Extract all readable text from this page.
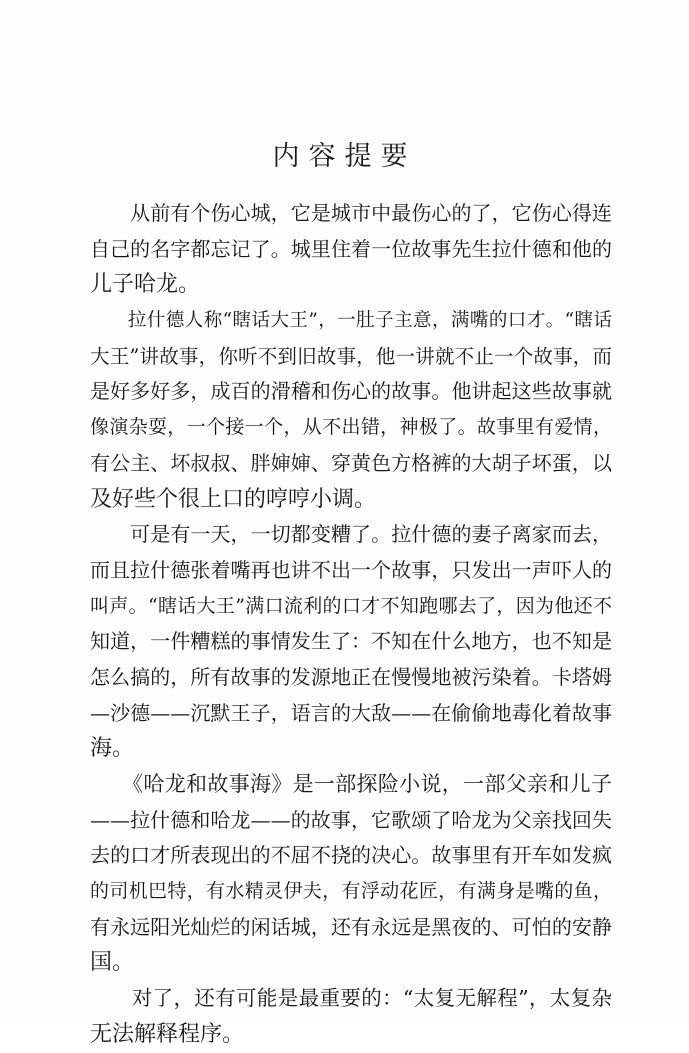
内容提要
　　从前有个伤心城，它是城市中最伤心的了，它伤心得连
自己的名字都忘记了。城里住着一位故事先生拉什德和他的
儿子哈龙。
　　拉什德人称“瞎话大王”，一肚子主意，满嘴的口才。“瞎话
大王”讲故事，你听不到旧故事，他一讲就不止一个故事，而
是好多好多，成百的滑稽和伤心的故事。他讲起这些故事就
像演杂耍，一个接一个，从不出错，神极了。故事里有爱情，
有公主、坏叔叔、胖婶婶、穿黄色方格裤的大胡子坏蛋，以
及好些个很上口的哼哼小调。
　　可是有一天，一切都变糟了。拉什德的妻子离家而去，
而且拉什德张着嘴再也讲不出一个故事，只发出一声吓人的
叫声。“瞎话大王”满口流利的口才不知跑哪去了，因为他还不
知道，一件糟糕的事情发生了：不知在什么地方，也不知是
怎么搞的，所有故事的发源地正在慢慢地被污染着。卡塔姆
—沙德——沉默王子，语言的大敌——在偷偷地毒化着故事
海。
　　《哈龙和故事海》是一部探险小说，一部父亲和儿子
——拉什德和哈龙——的故事，它歌颂了哈龙为父亲找回失
去的口才所表现出的不屈不挠的决心。故事里有开车如发疯
的司机巴特，有水精灵伊夫，有浮动花匠，有满身是嘴的鱼，
有永远阳光灿烂的闲话城，还有永远是黑夜的、可怕的安静
国。
　　对了，还有可能是最重要的：“太复无解程”，太复杂
无法解释程序。
